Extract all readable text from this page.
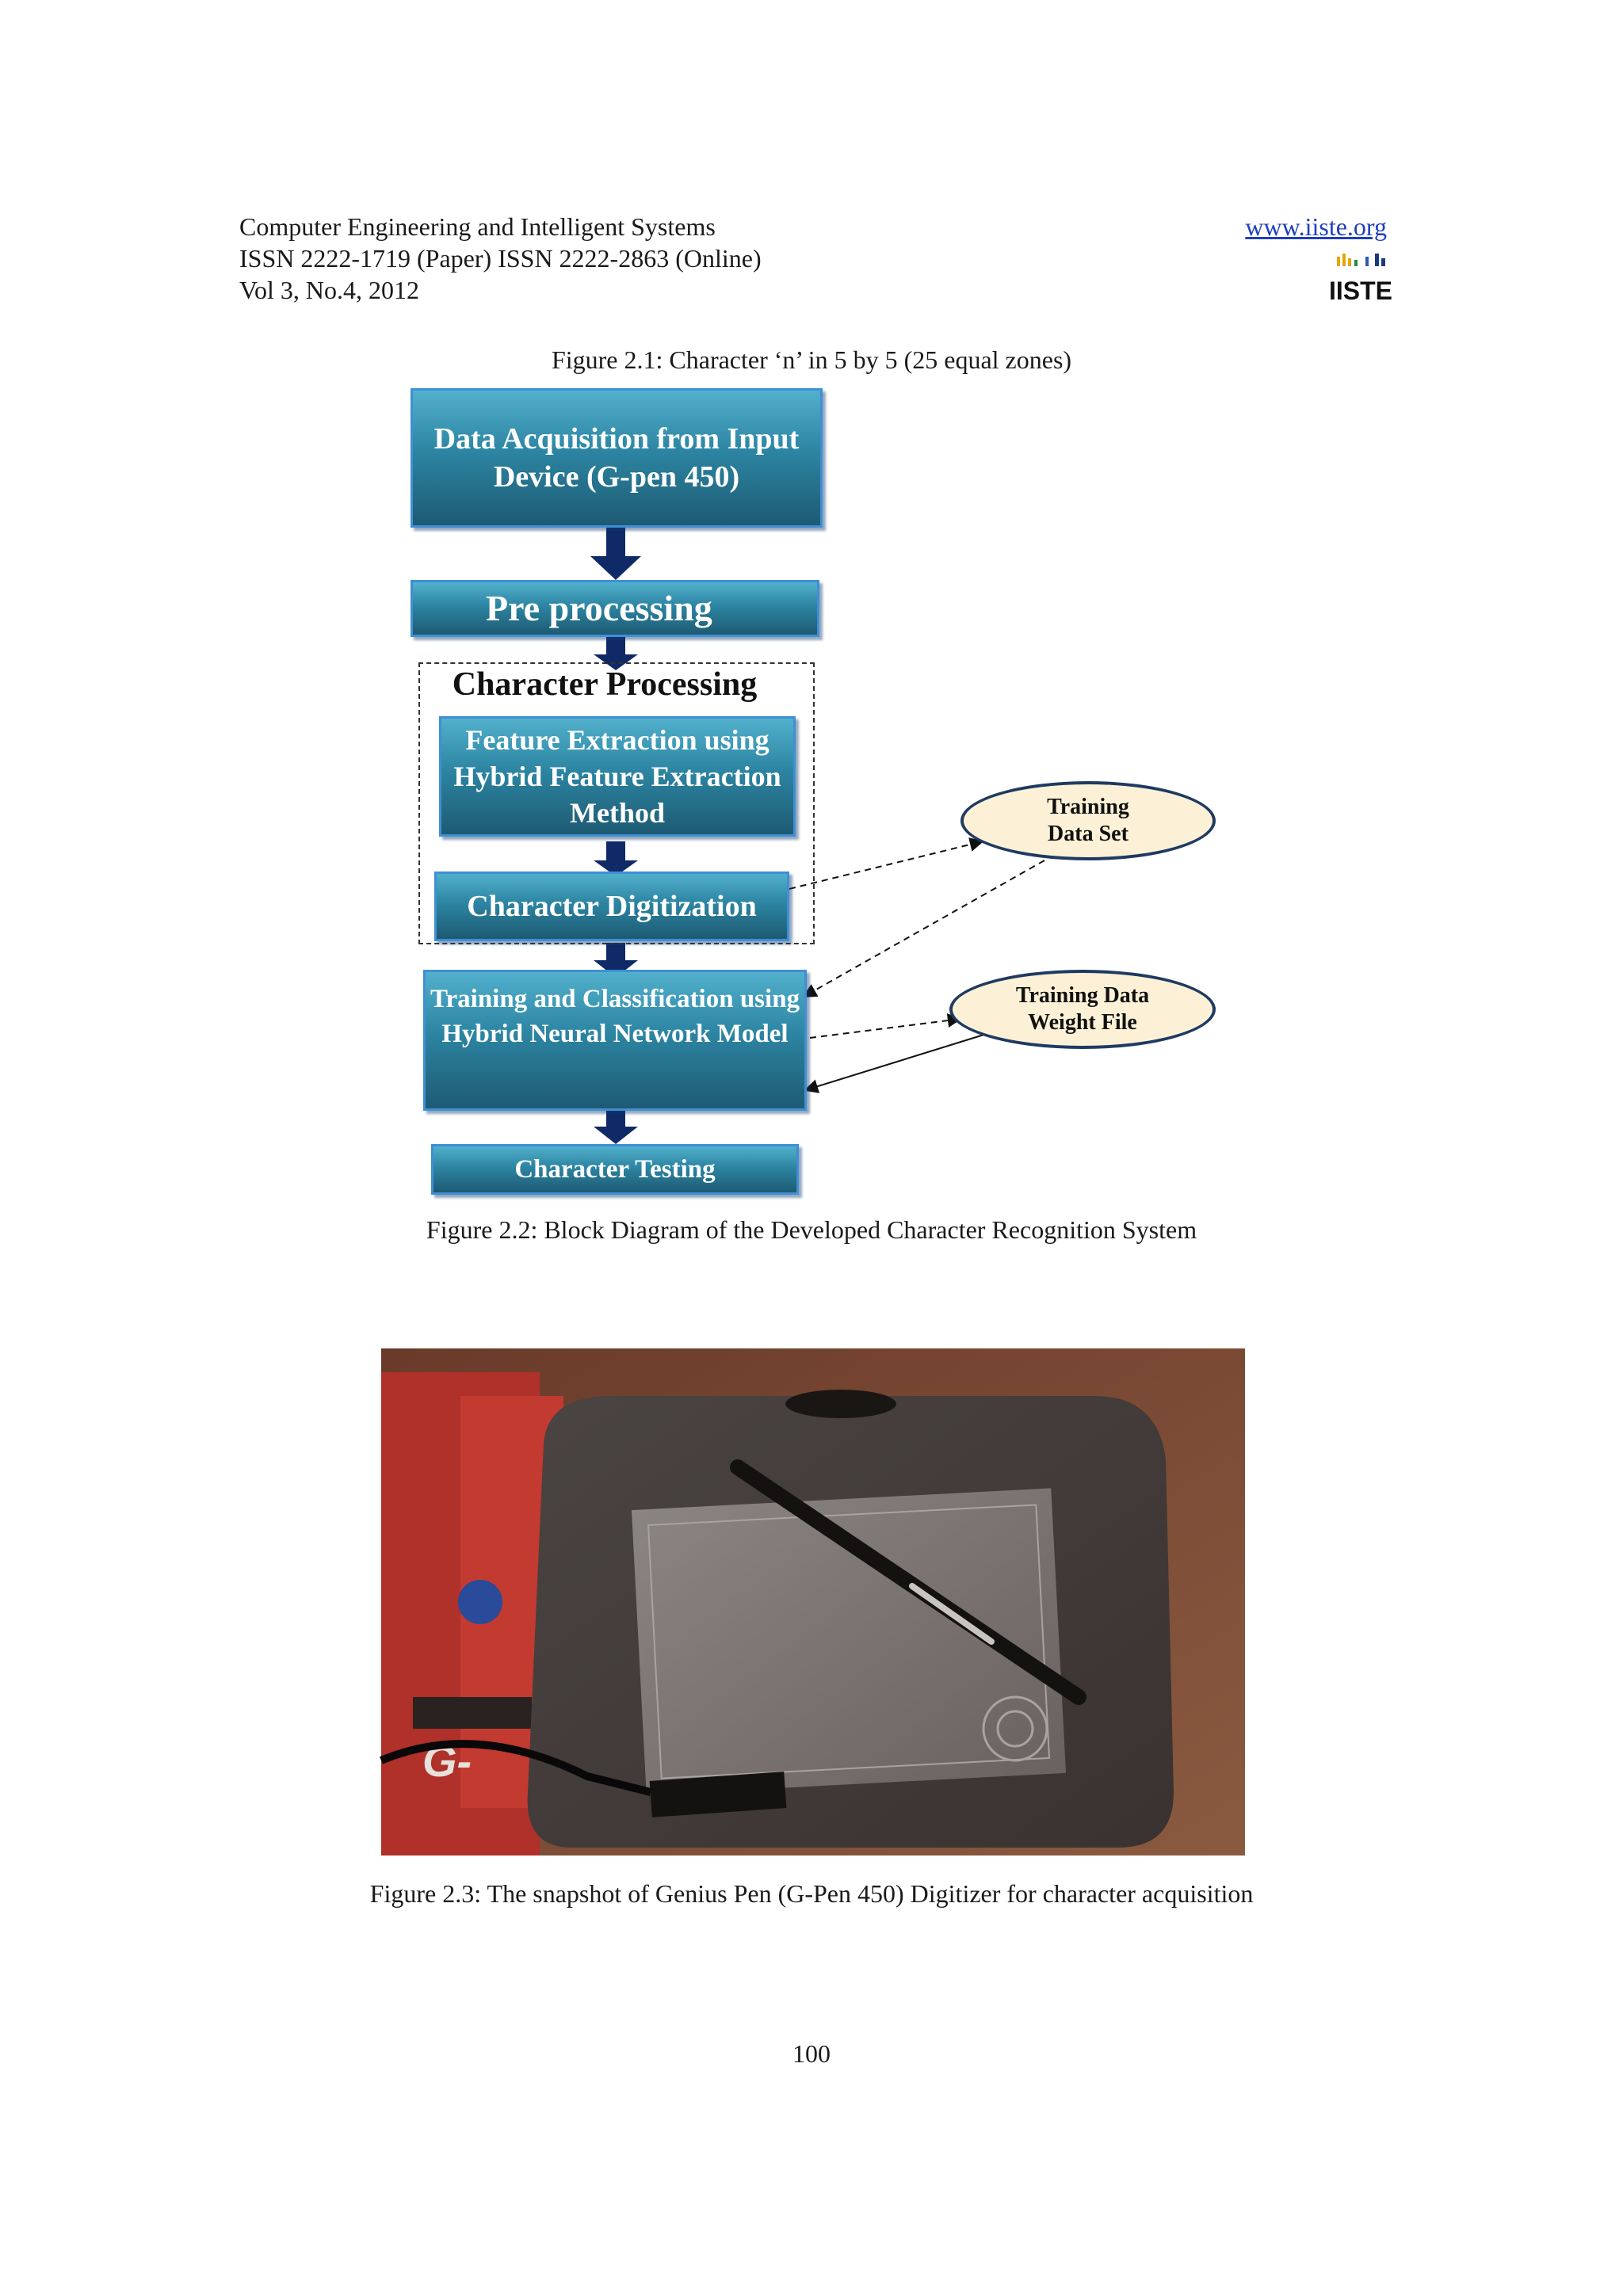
Computer Engineering and Intelligent Systems
ISSN 2222-1719 (Paper) ISSN 2222-2863 (Online)
Vol 3, No.4, 2012
www.iiste.org
IISTE
Figure 2.1: Character ‘n’ in 5 by 5 (25 equal zones)
Data Acquisition from Input
Device (G-pen 450)
Pre processing
Character Processing
Feature Extraction using
Hybrid Feature Extraction
Method
Character Digitization
Training and Classification using
Hybrid Neural Network Model
Character Testing
Training
Data Set
Training Data
Weight File
Figure 2.2: Block Diagram of the Developed Character Recognition System
G-
Figure 2.3: The snapshot of Genius Pen (G-Pen 450) Digitizer for character acquisition
100
